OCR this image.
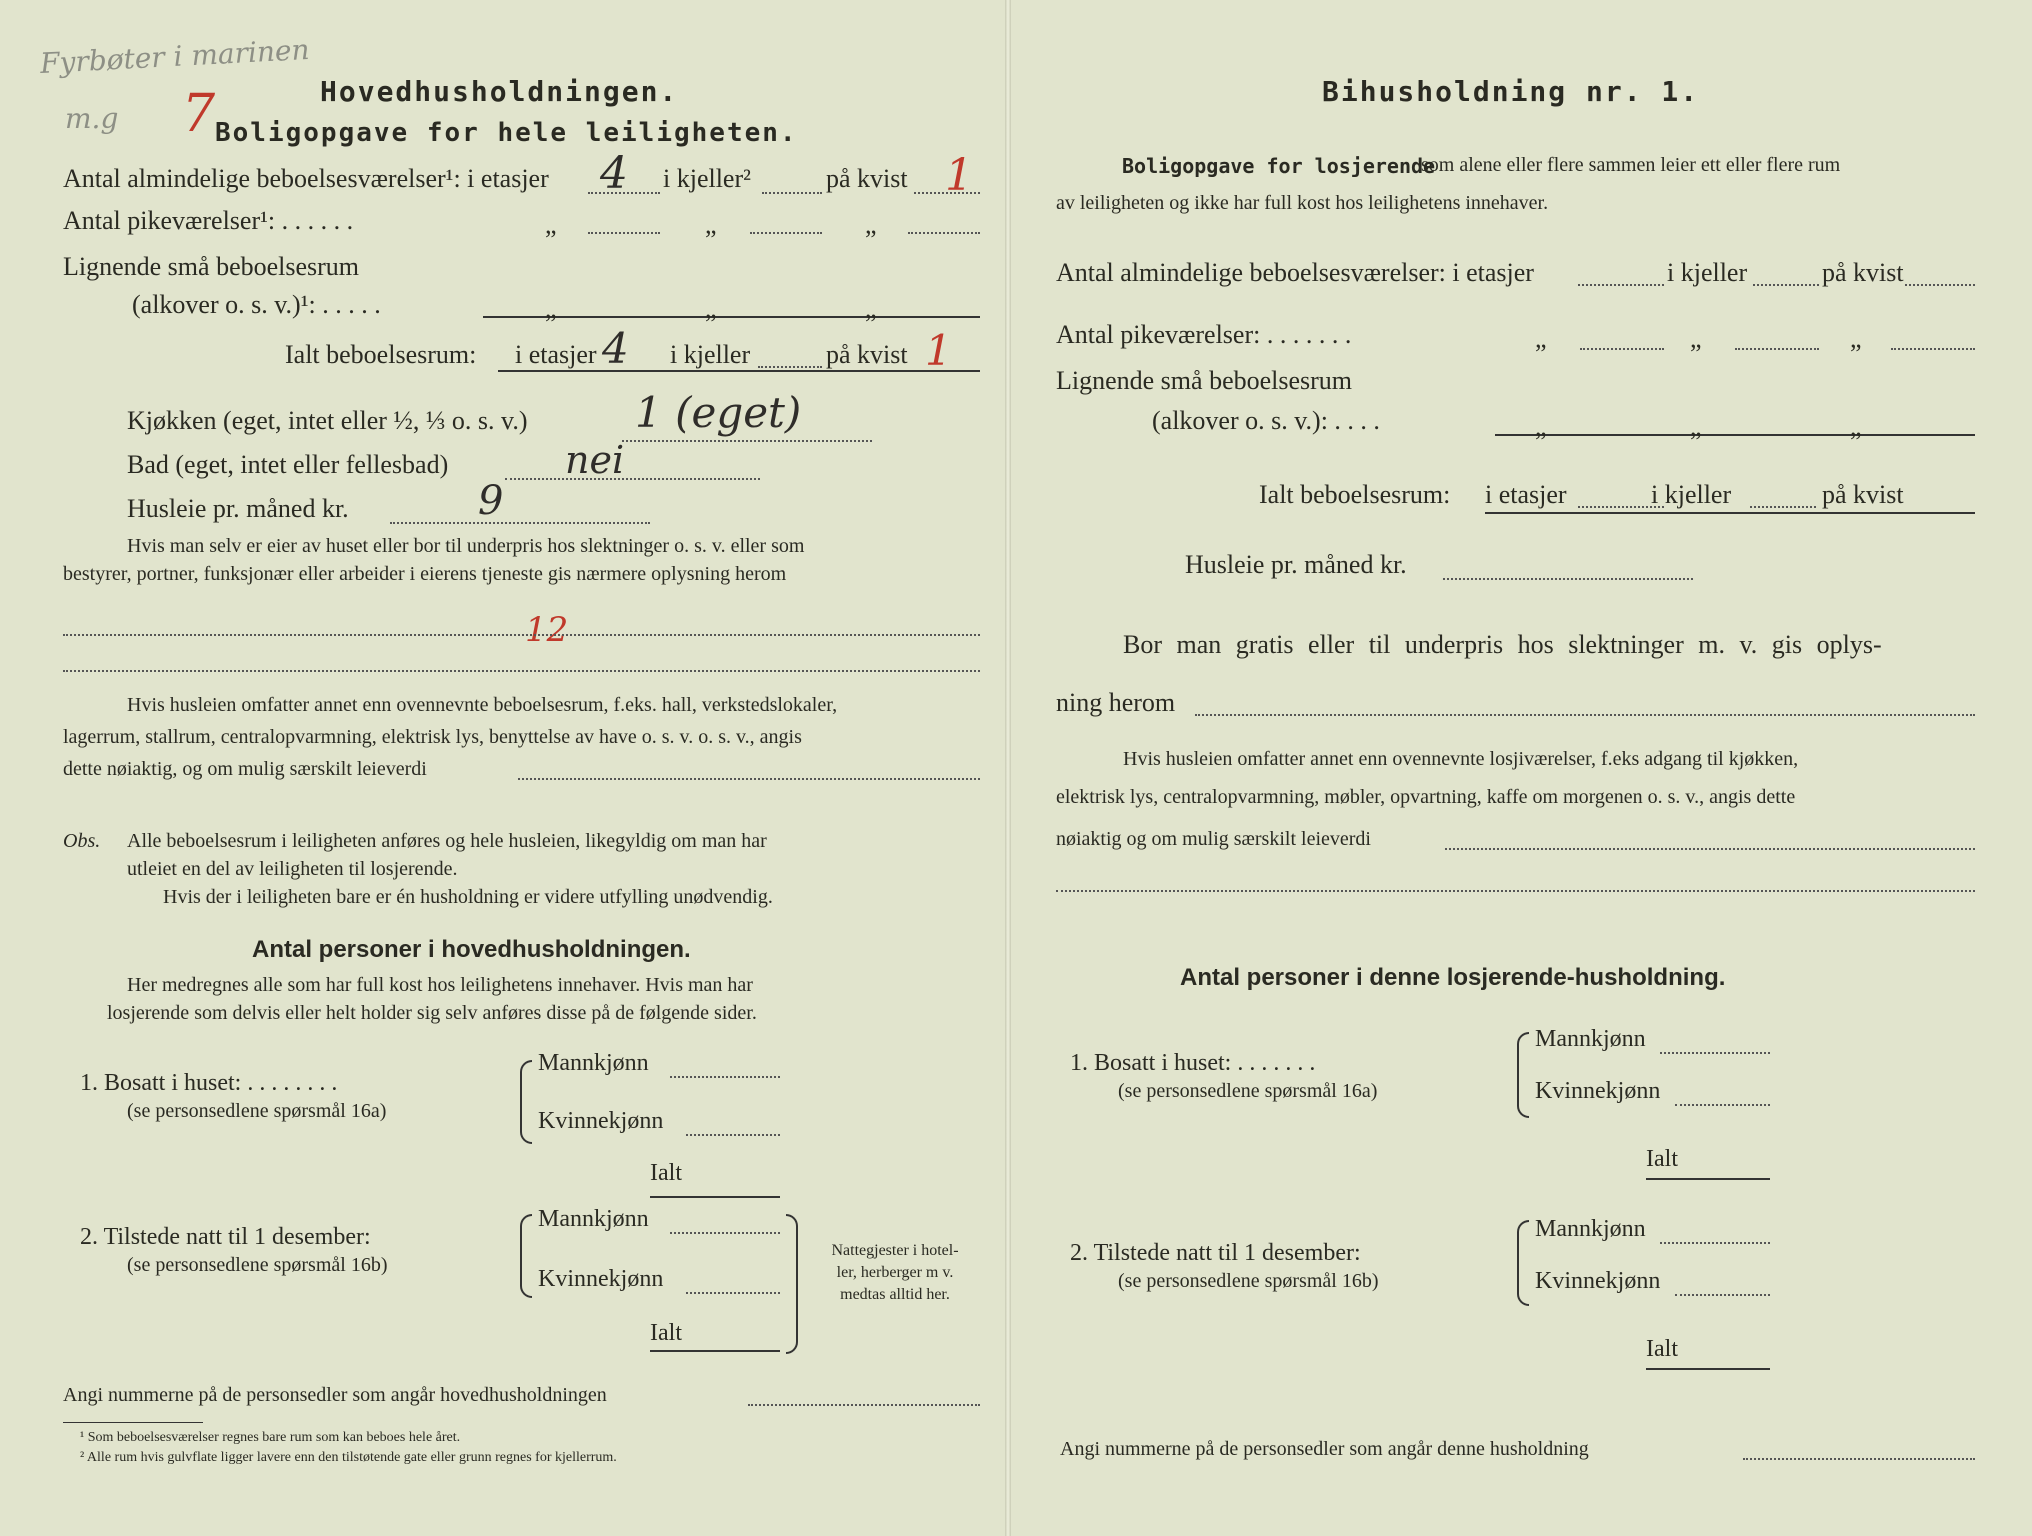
Fyrbøter i marinen
m.g 7	Hovedhusholdningen.
Boligopgave for hele leiligheten.
Antal almindelige beboelsesværelser¹: i etasjer 4 i kjeller²	på kvist 1
Antal pikeværelser¹: . . . . . .	„	„	„
Lignende små beboelsesrum
(alkover o. s. v.)¹: . . . . .	„	„	„
Ialt beboelsesrum: i etasjer 4 i kjeller	på kvist 1
Kjøkken (eget, intet eller ½, ⅓ o. s. v.)	1 (eget)
Bad (eget, intet eller fellesbad)	nei
Husleie pr. måned kr.	9
Hvis man selv er eier av huset eller bor til underpris hos slektninger o. s. v. eller som
bestyrer, portner, funksjonær eller arbeider i eierens tjeneste gis nærmere oplysning herom
12
Hvis husleien omfatter annet enn ovennevnte beboelsesrum, f.eks. hall, verkstedslokaler,
lagerrum, stallrum, centralopvarmning, elektrisk lys, benyttelse av have o. s. v. o. s. v., angis
dette nøiaktig, og om mulig særskilt leieverdi
Obs. Alle beboelsesrum i leiligheten anføres og hele husleien, likegyldig om man har
utleiet en del av leiligheten til losjerende.
Hvis der i leiligheten bare er én husholdning er videre utfylling unødvendig.
Antal personer i hovedhusholdningen.
Her medregnes alle som har full kost hos leilighetens innehaver. Hvis man har
losjerende som delvis eller helt holder sig selv anføres disse på de følgende sider.
1. Bosatt i huset: . . . . . . . .
(se personsedlene spørsmål 16a)
Mannkjønn
Kvinnekjønn
Ialt
2. Tilstede natt til 1 desember:
(se personsedlene spørsmål 16b)
Mannkjønn
Kvinnekjønn
Ialt
Nattegjester i hotel-
ler, herberger m v.
medtas alltid her.
Angi nummerne på de personsedler som angår hovedhusholdningen
¹ Som beboelsesværelser regnes bare rum som kan beboes hele året.
² Alle rum hvis gulvflate ligger lavere enn den tilstøtende gate eller grunn regnes for kjellerrum.
Bihusholdning nr. 1.
Boligopgave for losjerende
som alene eller flere sammen leier ett eller flere rum
av leiligheten og ikke har full kost hos leilighetens innehaver.
Antal almindelige beboelsesværelser: i etasjer	i kjeller	på kvist
Antal pikeværelser: . . . . . . .	„	„	„
Lignende små beboelsesrum
(alkover o. s. v.): . . . .	„	„	„
Ialt beboelsesrum: i etasjer	i kjeller	på kvist
Husleie pr. måned kr.
Bor man gratis eller til underpris hos slektninger m. v. gis oplys-
ning herom
Hvis husleien omfatter annet enn ovennevnte losjiværelser, f.eks adgang til kjøkken,
elektrisk lys, centralopvarmning, møbler, opvartning, kaffe om morgenen o. s. v., angis dette
nøiaktig og om mulig særskilt leieverdi
Antal personer i denne losjerende-husholdning.
1. Bosatt i huset: . . . . . . .
(se personsedlene spørsmål 16a)
Mannkjønn
Kvinnekjønn
Ialt
2. Tilstede natt til 1 desember:
(se personsedlene spørsmål 16b)
Mannkjønn
Kvinnekjønn
Ialt
Angi nummerne på de personsedler som angår denne husholdning
